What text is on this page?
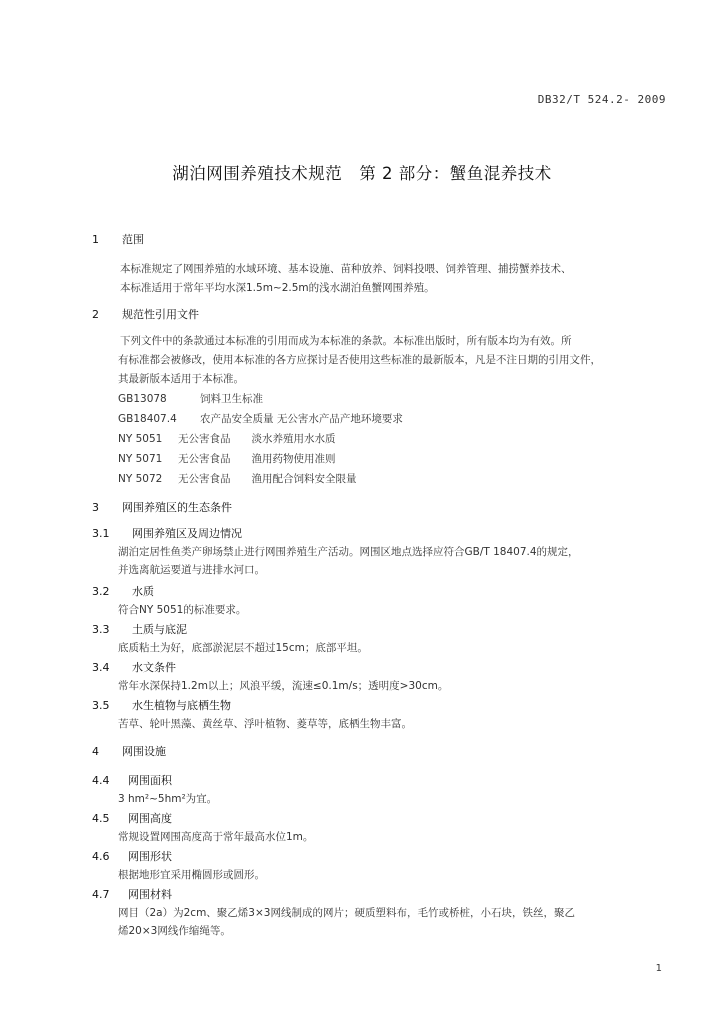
DB32/T 524.2- 2009
湖泊网围养殖技术规范　第 2 部分：蟹鱼混养技术
1 范围
本标准规定了网围养殖的水域环境、基本设施、苗种放养、饲料投喂、饲养管理、捕捞蟹养技术、
本标准适用于常年平均水深1.5m~2.5m的浅水湖泊鱼蟹网围养殖。
2 规范性引用文件
下列文件中的条款通过本标准的引用而成为本标准的条款。本标准出版时，所有版本均为有效。所
有标准都会被修改，使用本标准的各方应探讨是否使用这些标准的最新版本，凡是不注日期的引用文件，
其最新版本适用于本标准。
GB13078	饲料卫生标准
GB18407.4 农产品安全质量 无公害水产品产地环境要求
NY 5051 无公害食品　　淡水养殖用水水质
NY 5071 无公害食品　　渔用药物使用准则
NY 5072 无公害食品　　渔用配合饲料安全限量
3 网围养殖区的生态条件
3.1 网围养殖区及周边情况
湖泊定居性鱼类产卵场禁止进行网围养殖生产活动。网围区地点选择应符合GB/T 18407.4的规定，
并选离航运要道与进排水河口。
3.2 水质
符合NY 5051的标准要求。
3.3 土质与底泥
底质粘土为好，底部淤泥层不超过15cm；底部平坦。
3.4 水文条件
常年水深保持1.2m以上；风浪平缓，流速≤0.1m/s；透明度>30cm。
3.5 水生植物与底栖生物
苦草、轮叶黑藻、黄丝草、浮叶植物、菱草等，底栖生物丰富。
4 网围设施
4.4 网围面积
3 hm²~5hm²为宜。
4.5 网围高度
常规设置网围高度高于常年最高水位1m。
4.6 网围形状
根据地形宜采用椭圆形或圆形。
4.7 网围材料
网目（2a）为2cm、聚乙烯3×3网线制成的网片；硬质塑料布，毛竹或桥桩，小石块，铁丝，聚乙
烯20×3网线作缩绳等。
1
